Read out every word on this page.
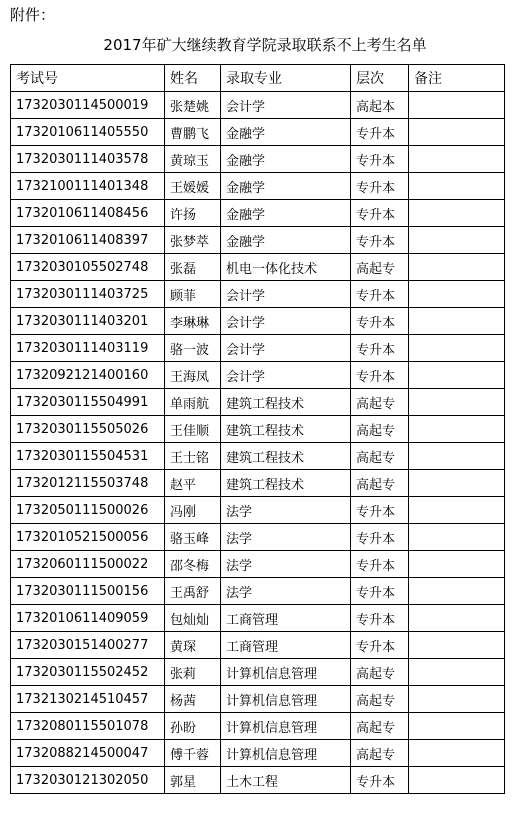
附件：
2017年矿大继续教育学院录取联系不上考生名单
考试号	姓名	录取专业	层次	备注
1732030114500019	张楚姚	会计学	高起本	
1732010611405550	曹鹏飞	金融学	专升本	
1732030111403578	黄琼玉	金融学	专升本	
1732100111401348	王媛媛	金融学	专升本	
1732010611408456	许扬	金融学	专升本	
1732010611408397	张梦萃	金融学	专升本	
1732030105502748	张磊	机电一体化技术	高起专	
1732030111403725	顾菲	会计学	专升本	
1732030111403201	李琳琳	会计学	专升本	
1732030111403119	骆一波	会计学	专升本	
1732092121400160	王海凤	会计学	专升本	
1732030115504991	单雨航	建筑工程技术	高起专	
1732030115505026	王佳顺	建筑工程技术	高起专	
1732030115504531	王士铭	建筑工程技术	高起专	
1732012115503748	赵平	建筑工程技术	高起专	
1732050111500026	冯刚	法学	专升本	
1732010521500056	骆玉峰	法学	专升本	
1732060111500022	邵冬梅	法学	专升本	
1732030111500156	王禹舒	法学	专升本	
1732010611409059	包灿灿	工商管理	专升本	
1732030151400277	黄琛	工商管理	专升本	
1732030115502452	张莉	计算机信息管理	高起专	
1732130214510457	杨茜	计算机信息管理	高起专	
1732080115501078	孙盼	计算机信息管理	高起专	
1732088214500047	傅千蓉	计算机信息管理	高起专	
1732030121302050	郭星	土木工程	专升本	
